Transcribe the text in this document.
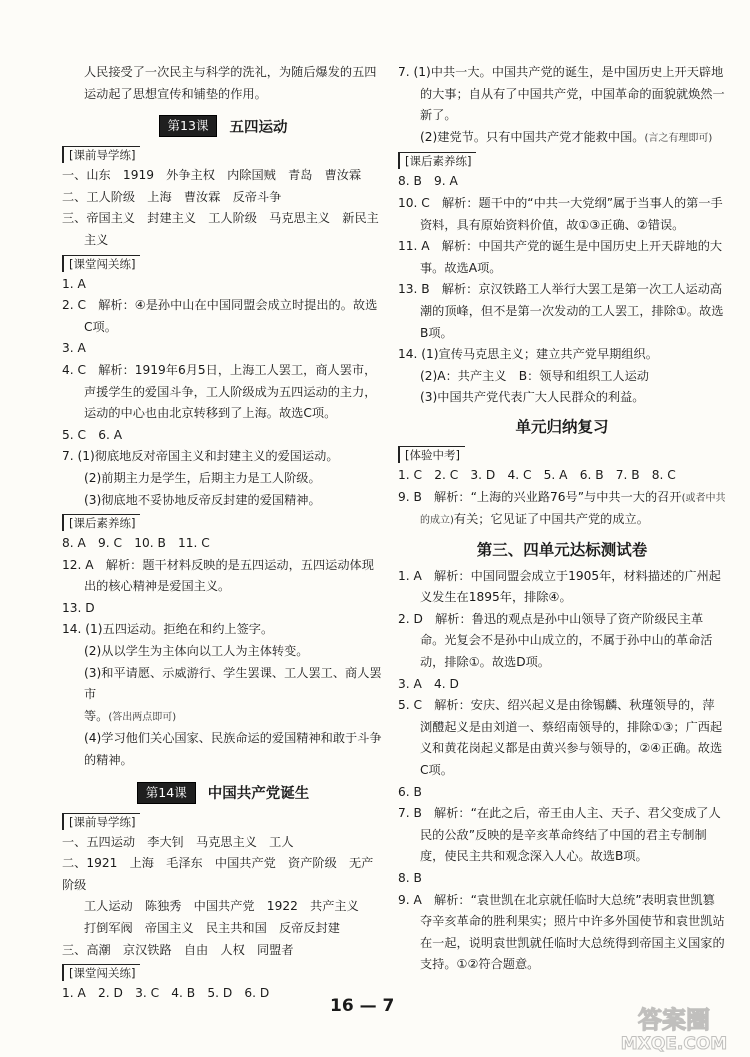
人民接受了一次民主与科学的洗礼，为随后爆发的五四

运动起了思想宣传和铺垫的作用。

第13课 五四运动
[课前导学练]

一、山东　1919　外争主权　内除国贼　青岛　曹汝霖

二、工人阶级　上海　曹汝霖　反帝斗争

三、帝国主义　封建主义　工人阶级　马克思主义　新民主

主义

[课堂闯关练]

1. A

2. C　解析：④是孙中山在中国同盟会成立时提出的。故选C项。

3. A

4. C　解析：1919年6月5日，上海工人罢工，商人罢市，声援学生的爱国斗争，工人阶级成为五四运动的主力，运动的中心也由北京转移到了上海。故选C项。

5. C　6. A

7. (1)彻底地反对帝国主义和封建主义的爱国运动。

(2)前期主力是学生，后期主力是工人阶级。

(3)彻底地不妥协地反帝反封建的爱国精神。

[课后素养练]

8. A　9. C　10. B　11. C

12. A　解析：题干材料反映的是五四运动，五四运动体现出的核心精神是爱国主义。

13. D

14. (1)五四运动。拒绝在和约上签字。

(2)从以学生为主体向以工人为主体转变。

(3)和平请愿、示威游行、学生罢课、工人罢工、商人罢市

等。(答出两点即可)

(4)学习他们关心国家、民族命运的爱国精神和敢于斗争

的精神。

第14课 中国共产党诞生
[课前导学练]

一、五四运动　李大钊　马克思主义　工人

二、1921　上海　毛泽东　中国共产党　资产阶级　无产阶级

工人运动　陈独秀　中国共产党　1922　共产主义

打倒军阀　帝国主义　民主共和国　反帝反封建

三、高潮　京汉铁路　自由　人权　同盟者

[课堂闯关练]

1. A　2. D　3. C　4. B　5. D　6. D

7. (1)中共一大。中国共产党的诞生，是中国历史上开天辟地的大事；自从有了中国共产党，中国革命的面貌就焕然一新了。

(2)建党节。只有中国共产党才能救中国。(言之有理即可)

[课后素养练]

8. B　9. A

10. C　解析：题干中的“中共一大党纲”属于当事人的第一手资料，具有原始资料价值，故①③正确、②错误。

11. A　解析：中国共产党的诞生是中国历史上开天辟地的大事。故选A项。

13. B　解析：京汉铁路工人举行大罢工是第一次工人运动高潮的顶峰，但不是第一次发动的工人罢工，排除①。故选B项。

14. (1)宣传马克思主义；建立共产党早期组织。

(2)A：共产主义　B：领导和组织工人运动

(3)中国共产党代表广大人民群众的利益。

单元归纳复习
[体验中考]

1. C　2. C　3. D　4. C　5. A　6. B　7. B　8. C

9. B　解析：“上海的兴业路76号”与中共一大的召开(或者中共的成立)有关；它见证了中国共产党的成立。

第三、四单元达标测试卷

1. A　解析：中国同盟会成立于1905年，材料描述的广州起义发生在1895年，排除④。

2. D　解析：鲁迅的观点是孙中山领导了资产阶级民主革命。光复会不是孙中山成立的，不属于孙中山的革命活动，排除①。故选D项。

3. A　4. D

5. C　解析：安庆、绍兴起义是由徐锡麟、秋瑾领导的，萍浏醴起义是由刘道一、蔡绍南领导的，排除①③；广西起义和黄花岗起义都是由黄兴参与领导的，②④正确。故选C项。

6. B

7. B　解析：“在此之后，帝王由人主、天子、君父变成了人民的公敌”反映的是辛亥革命终结了中国的君主专制制度，使民主共和观念深入人心。故选B项。

8. B

9. A　解析：“袁世凯在北京就任临时大总统”表明袁世凯篡夺辛亥革命的胜利果实；照片中许多外国使节和袁世凯站在一起，说明袁世凯就任临时大总统得到帝国主义国家的支持。①②符合题意。

16 — 7	答案圈
MXQE.COM
